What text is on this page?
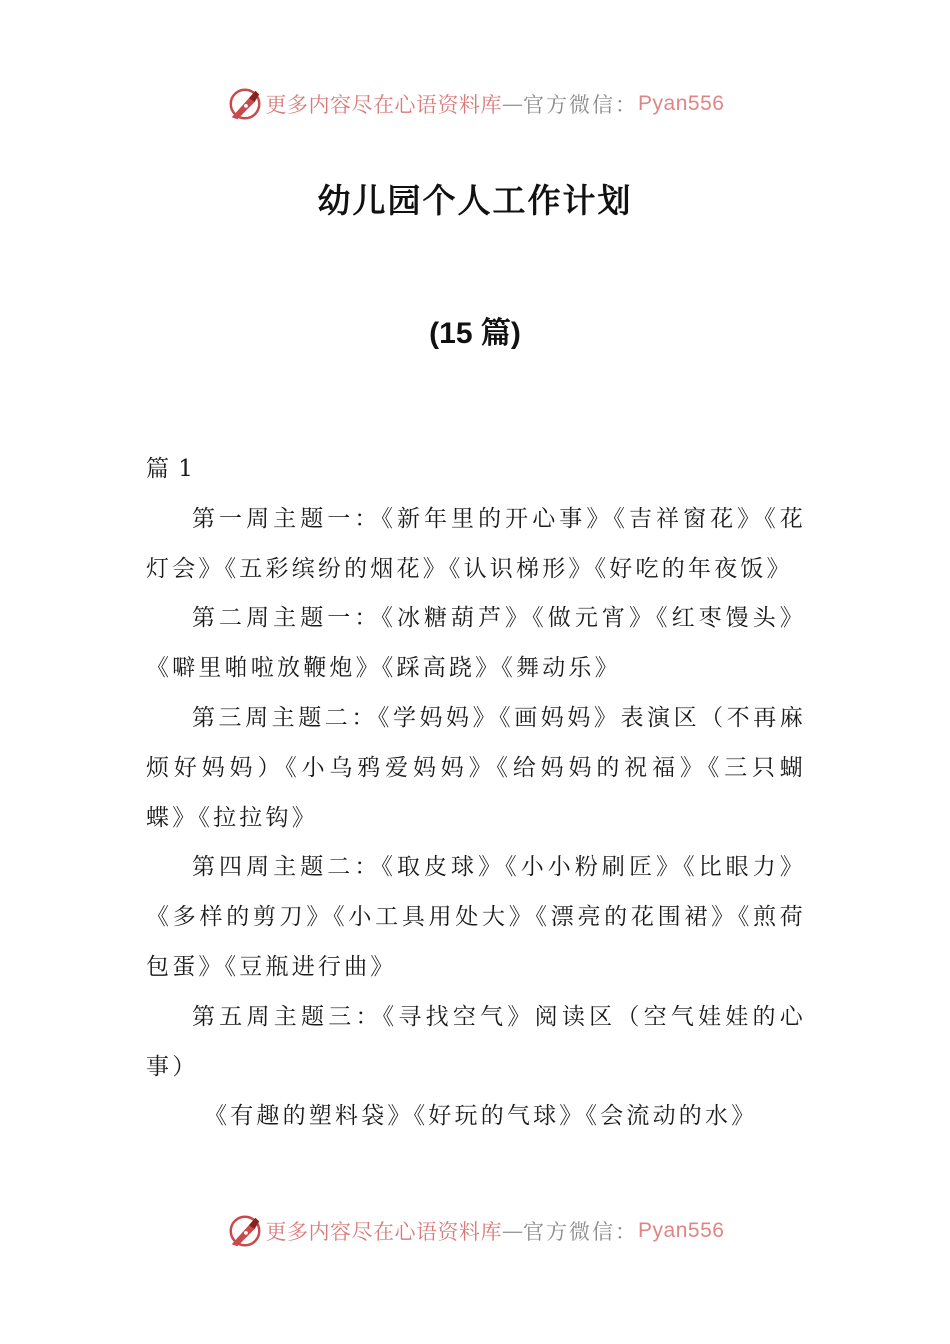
更多内容尽在心语资料库 — 官方微信： Pyan556
幼儿园个人工作计划
(15 篇)

篇 1

第一周主题一：《新年里的开心事》《吉祥窗花》《花灯会》《五彩缤纷的烟花》《认识梯形》《好吃的年夜饭》

第二周主题一：《冰糖葫芦》《做元宵》《红枣馒头》《噼里啪啦放鞭炮》《踩高跷》《舞动乐》

第三周主题二：《学妈妈》《画妈妈》表演区（不再麻烦好妈妈）《小乌鸦爱妈妈》《给妈妈的祝福》《三只蝴蝶》《拉拉钩》

第四周主题二：《取皮球》《小小粉刷匠》《比眼力》《多样的剪刀》《小工具用处大》《漂亮的花围裙》《煎荷包蛋》《豆瓶进行曲》

第五周主题三：《寻找空气》阅读区（空气娃娃的心事）

《有趣的塑料袋》《好玩的气球》《会流动的水》

更多内容尽在心语资料库 — 官方微信： Pyan556
